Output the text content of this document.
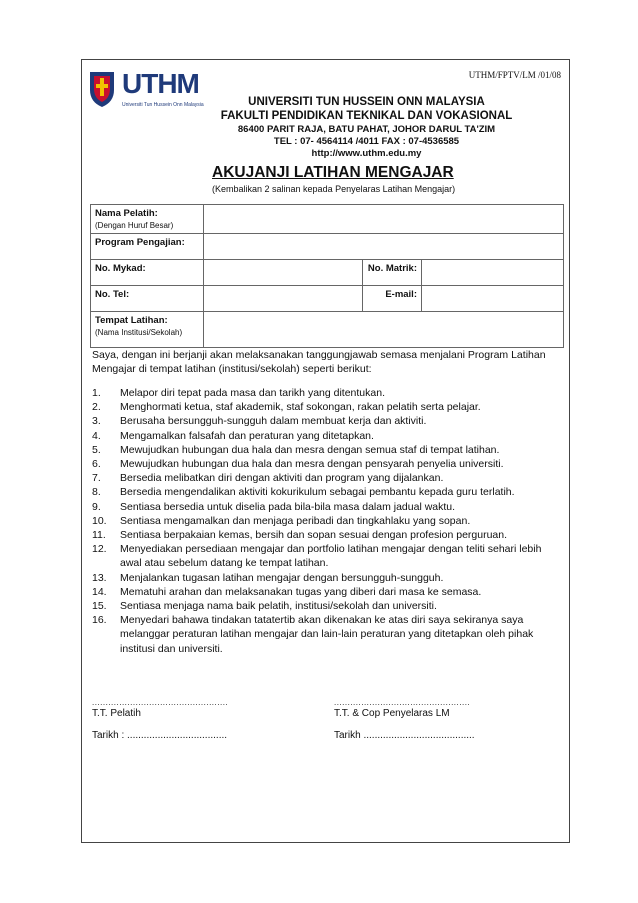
UTHM/FPTV/LM /01/08
UTHM
Universiti Tun Hussein Onn Malaysia	UNIVERSITI TUN HUSSEIN ONN MALAYSIA
FAKULTI PENDIDIKAN TEKNIKAL DAN VOKASIONAL
86400 PARIT RAJA, BATU PAHAT, JOHOR DARUL TA'ZIM
TEL : 07- 4564114 /4011 FAX : 07-4536585
http://www.uthm.edu.my
AKUJANJI LATIHAN MENGAJAR
(Kembalikan 2 salinan kepada Penyelaras Latihan Mengajar)
Nama Pelatih:
(Dengan Huruf Besar)			

Program Pengajian:			
No. Mykad:		No. Matrik:	
No. Tel:		E-mail:	
Tempat Latihan:
(Nama Institusi/Sekolah)			

Saya, dengan ini berjanji akan melaksanakan tanggungjawab semasa menjalani Program Latihan Mengajar di tempat latihan (institusi/sekolah) seperti berikut:
1. Melapor diri tepat pada masa dan tarikh yang ditentukan.
2. Menghormati ketua, staf akademik, staf sokongan, rakan pelatih serta pelajar.
3. Berusaha bersungguh-sungguh dalam membuat kerja dan aktiviti.
4. Mengamalkan falsafah dan peraturan yang ditetapkan.
5. Mewujudkan hubungan dua hala dan mesra dengan semua staf di tempat latihan.
6. Mewujudkan hubungan dua hala dan mesra dengan pensyarah penyelia universiti.
7. Bersedia melibatkan diri dengan aktiviti dan program yang dijalankan.
8. Bersedia mengendalikan aktiviti kokurikulum sebagai pembantu kepada guru terlatih.
9. Sentiasa bersedia untuk diselia pada bila-bila masa dalam jadual waktu.
10. Sentiasa mengamalkan dan menjaga peribadi dan tingkahlaku yang sopan.
11. Sentiasa berpakaian kemas, bersih dan sopan sesuai dengan profesion perguruan.
12. Menyediakan persediaan mengajar dan portfolio latihan mengajar dengan teliti sehari lebih awal atau sebelum datang ke tempat latihan.
13. Menjalankan tugasan latihan mengajar dengan bersungguh-sungguh.
14. Mematuhi arahan dan melaksanakan tugas yang diberi dari masa ke semasa.
15. Sentiasa menjaga nama baik pelatih, institusi/sekolah dan universiti.
16. Menyedari bahawa tindakan tatatertib akan dikenakan ke atas diri saya sekiranya saya melanggar peraturan latihan mengajar dan lain-lain peraturan yang ditetapkan oleh pihak institusi dan universiti.
..................................................
T.T. Pelatih
..................................................
T.T. & Cop Penyelaras LM
Tarikh : ....................................	Tarikh ........................................
